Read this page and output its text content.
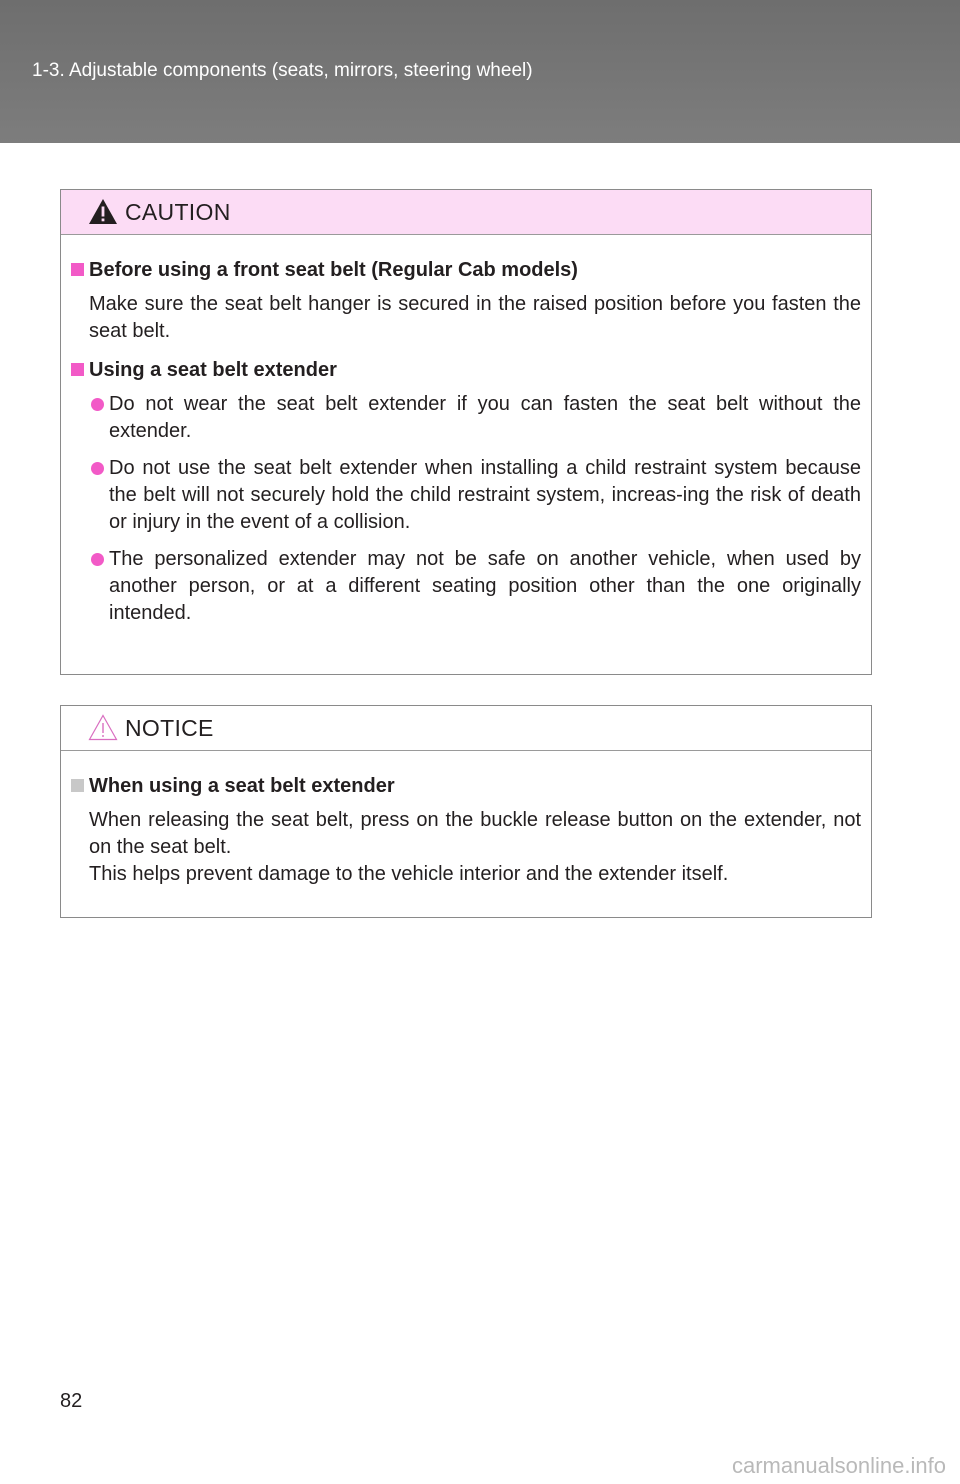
1-3. Adjustable components (seats, mirrors, steering wheel)
CAUTION
Before using a front seat belt (Regular Cab models)

Make sure the seat belt hanger is secured in the raised position before you fasten the seat belt.

Using a seat belt extender
Do not wear the seat belt extender if you can fasten the seat belt without the extender.
Do not use the seat belt extender when installing a child restraint system because the belt will not securely hold the child restraint system, increas-ing the risk of death or injury in the event of a collision.
The personalized extender may not be safe on another vehicle, when used by another person, or at a different seating position other than the one originally intended.
NOTICE
When using a seat belt extender

When releasing the seat belt, press on the buckle release button on the extender, not on the seat belt.
This helps prevent damage to the vehicle interior and the extender itself.

82
carmanualsonline.info
